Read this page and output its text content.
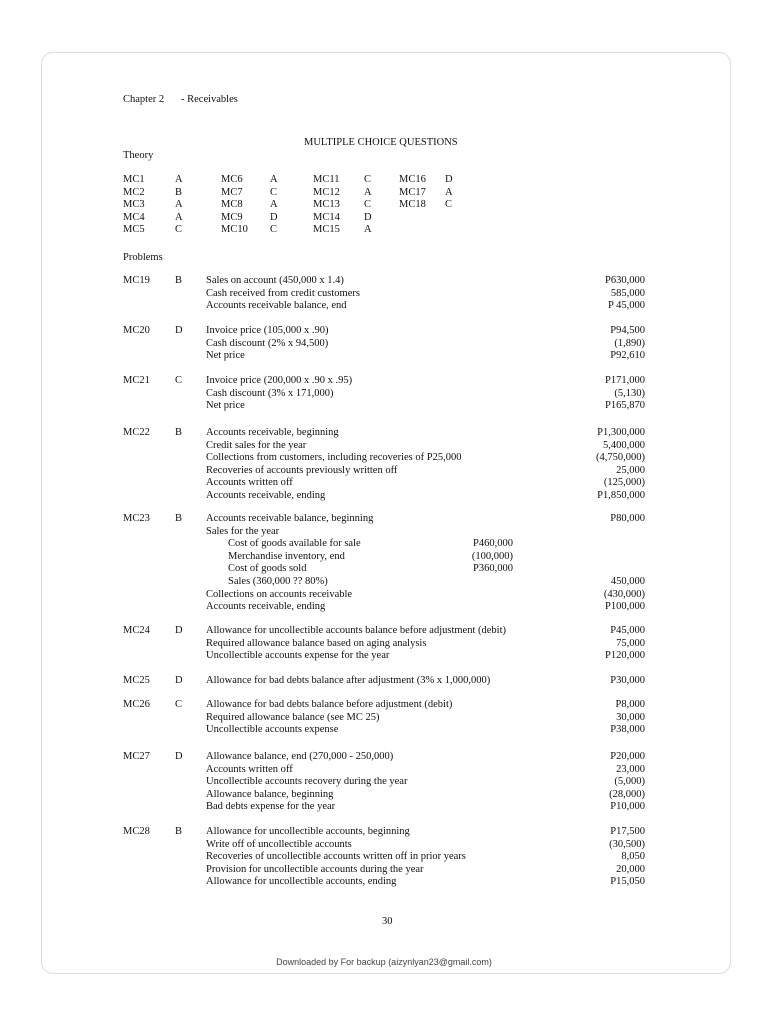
Chapter 2 - Receivables
MULTIPLE CHOICE QUESTIONS
Theory
MC1	A
MC2	B
MC3	A
MC4	A
MC5	C
MC6	A
MC7	C
MC8	A
MC9	D
MC10 C
MC11 C
MC12 A
MC13 C
MC14 D
MC15 A
MC16 D
MC17 A
MC18 C
Problems
MC19 B Sales on account (450,000 x 1.4)	P630,000
Cash received from credit customers	585,000
Accounts receivable balance, end	P 45,000
MC20 D Invoice price (105,000 x .90)	P94,500
Cash discount (2% x 94,500)	(1,890)
Net price	P92,610
MC21 C Invoice price (200,000 x .90 x .95)	P171,000
Cash discount (3% x 171,000)	(5,130)
Net price	P165,870
MC22 B Accounts receivable, beginning	P1,300,000
Credit sales for the year	5,400,000
Collections from customers, including recoveries of P25,000	(4,750,000)
Recoveries of accounts previously written off	25,000
Accounts written off	(125,000)
Accounts receivable, ending	P1,850,000
MC23 B Accounts receivable balance, beginning	P80,000
Sales for the year
Cost of goods available for sale	P460,000
Merchandise inventory, end	(100,000)
Cost of goods sold	P360,000
Sales (360,000 ?? 80%)	450,000
Collections on accounts receivable	(430,000)
Accounts receivable, ending	P100,000
MC24 D Allowance for uncollectible accounts balance before adjustment (debit)	P45,000
Required allowance balance based on aging analysis	75,000
Uncollectible accounts expense for the year	P120,000
MC25 D Allowance for bad debts balance after adjustment (3% x 1,000,000)	P30,000
MC26 C Allowance for bad debts balance before adjustment (debit)	P8,000
Required allowance balance (see MC 25)	30,000
Uncollectible accounts expense	P38,000
MC27 D Allowance balance, end (270,000 - 250,000)	P20,000
Accounts written off	23,000
Uncollectible accounts recovery during the year	(5,000)
Allowance balance, beginning	(28,000)
Bad debts expense for the year	P10,000
MC28 B Allowance for uncollectible accounts, beginning	P17,500
Write off of uncollectible accounts	(30,500)
Recoveries of uncollectible accounts written off in prior years	8,050
Provision for uncollectible accounts during the year	20,000
Allowance for uncollectible accounts, ending	P15,050
30
Downloaded by For backup (aizynlyan23@gmail.com)
